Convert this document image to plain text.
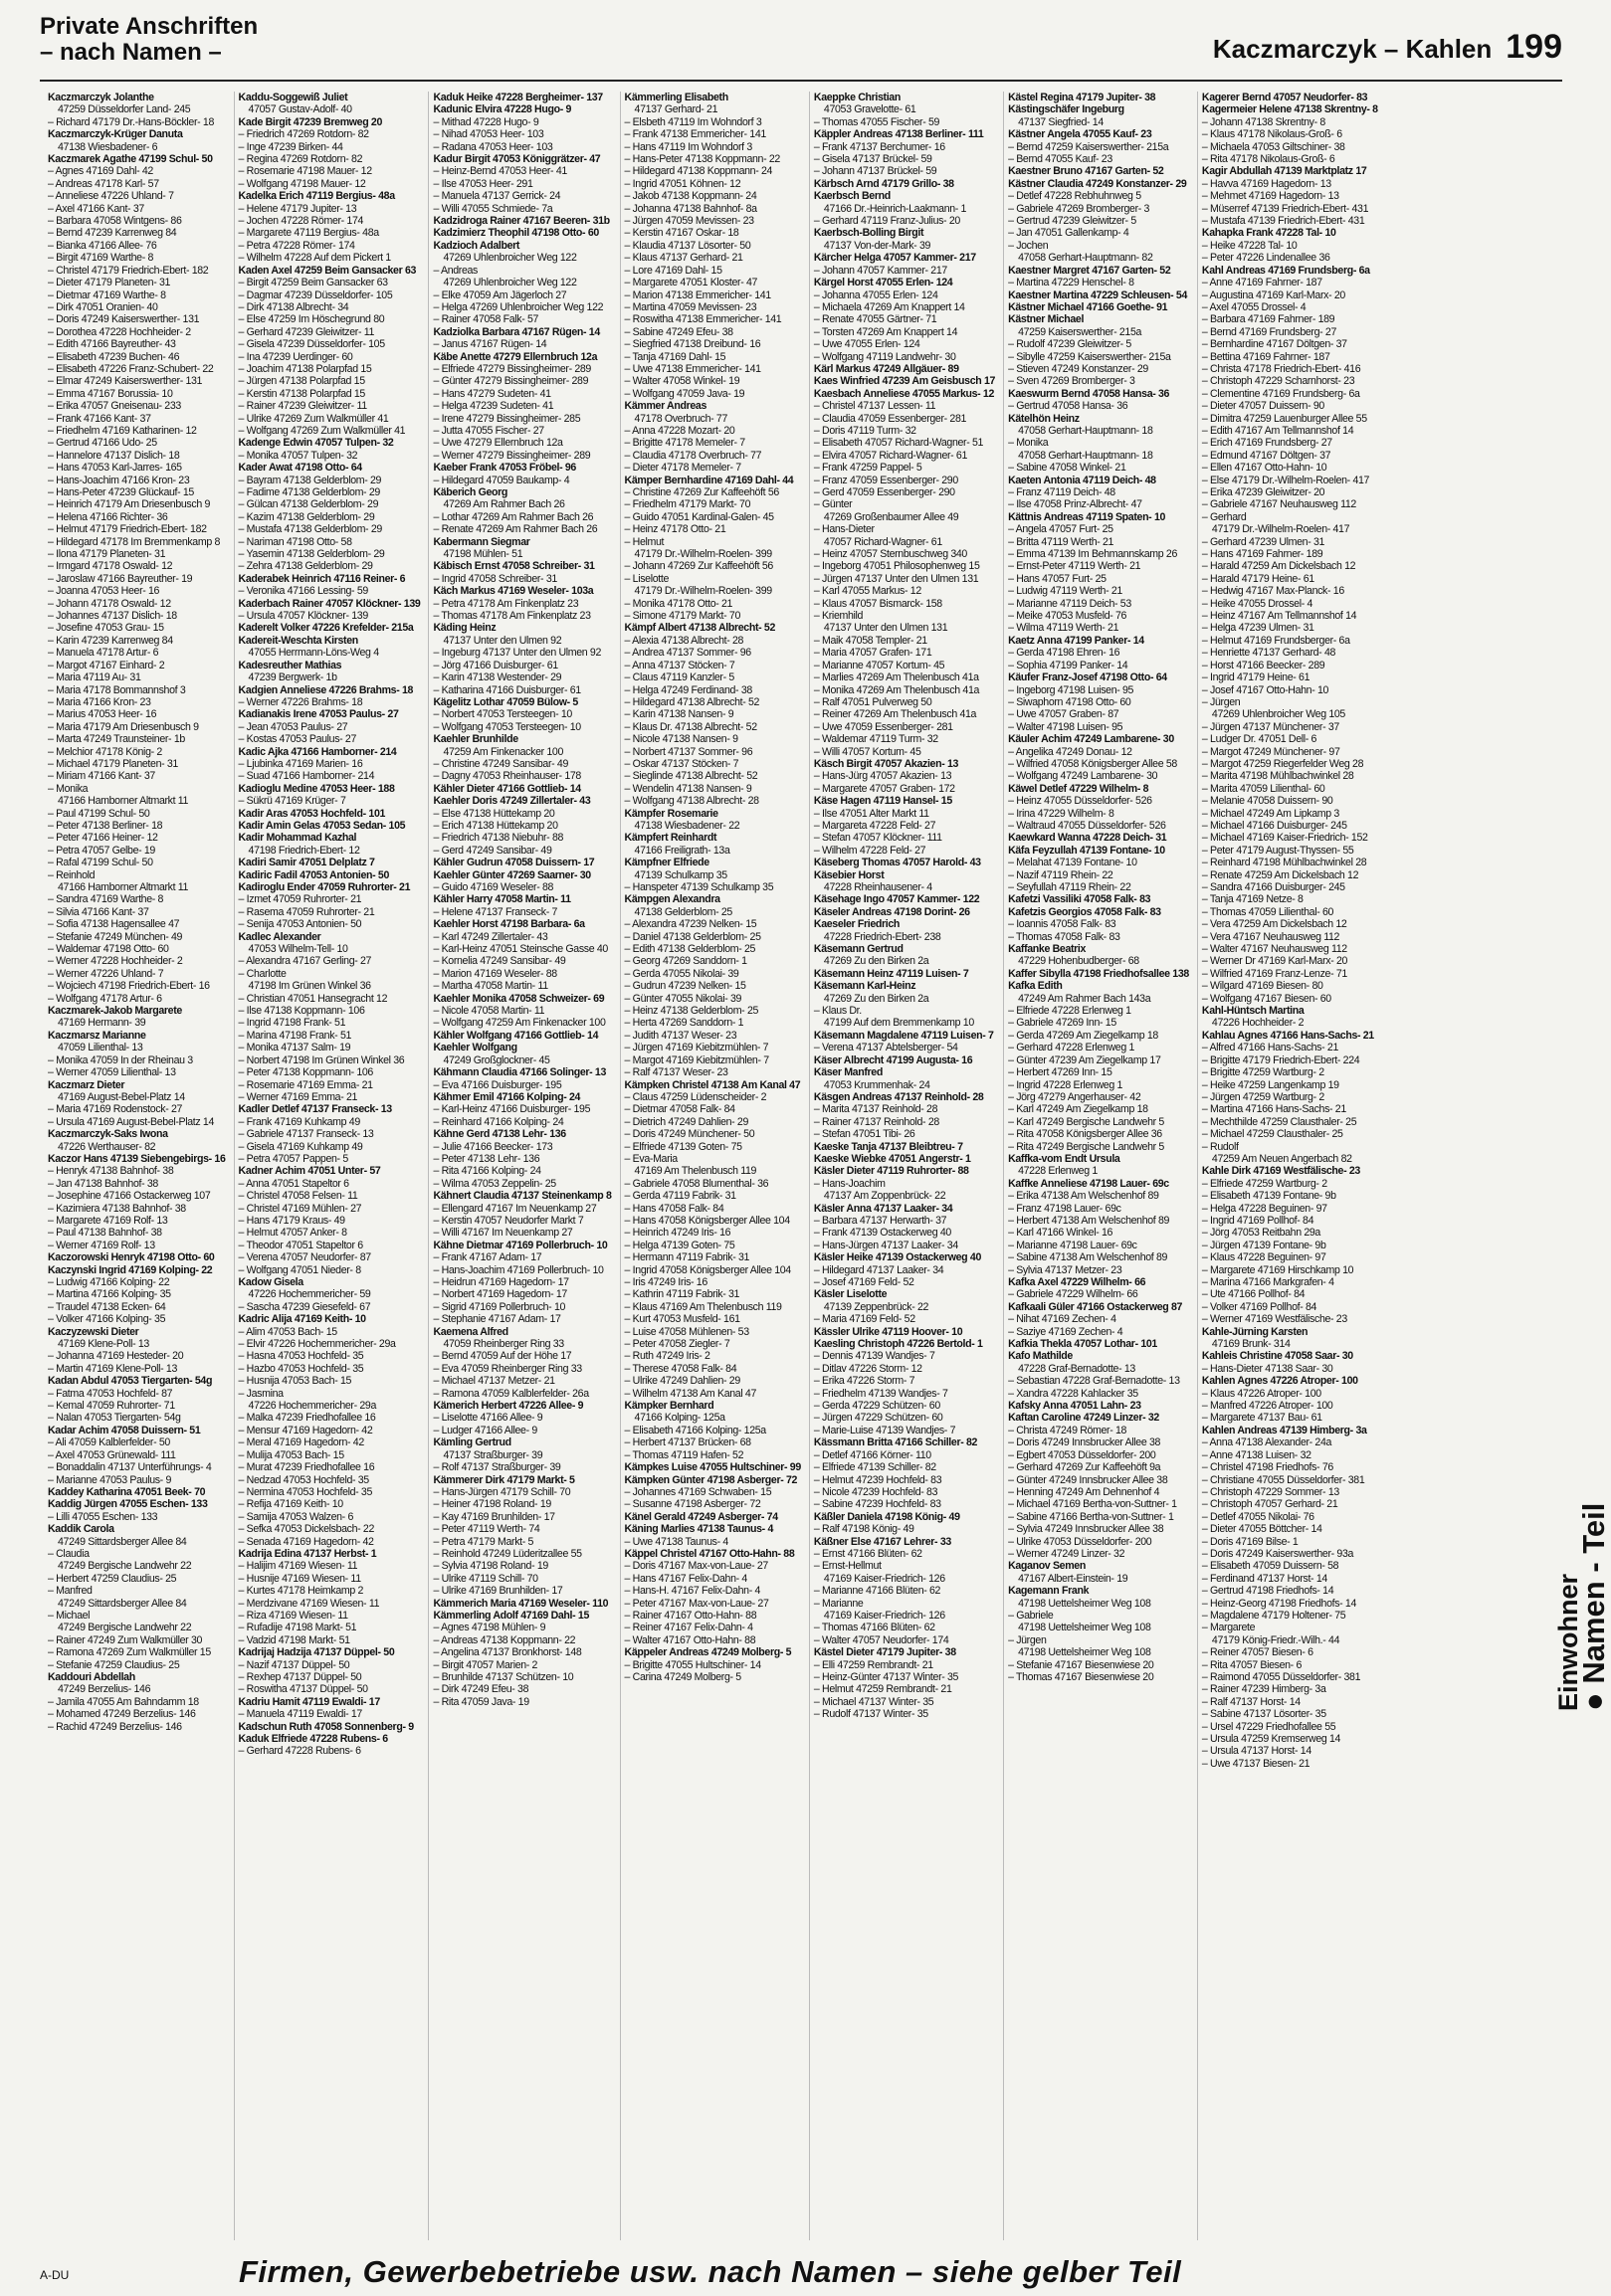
Private Anschriften
– nach Namen –	Kaczmarczyk – Kahlen 199
Kaczmarczyk Jolanthe
47259 Düsseldorfer Land- 245
– Richard 47179 Dr.-Hans-Böckler- 18
Kaczmarczyk-Krüger Danuta
47138 Wiesbadener- 6
Kaczmarek Agathe 47199 Schul- 50
– Agnes 47169 Dahl- 42
– Andreas 47178 Karl- 57
– Anneliese 47226 Uhland- 7
– Axel 47166 Kant- 37
– Barbara 47058 Wintgens- 86
– Bernd 47239 Karrenweg 84
– Bianka 47166 Allee- 76
– Birgit 47169 Warthe- 8
– Christel 47179 Friedrich-Ebert- 182
– Dieter 47179 Planeten- 31
– Dietmar 47169 Warthe- 8
– Dirk 47051 Oranien- 40
– Doris 47249 Kaiserswerther- 131
– Dorothea 47228 Hochheider- 2
– Edith 47166 Bayreuther- 43
– Elisabeth 47239 Buchen- 46
– Elisabeth 47226 Franz-Schubert- 22
– Elmar 47249 Kaiserswerther- 131
– Emma 47167 Borussia- 10
– Erika 47057 Gneisenau- 233
– Frank 47166 Kant- 37
– Friedhelm 47169 Katharinen- 12
– Gertrud 47166 Udo- 25
– Hannelore 47137 Dislich- 18
– Hans 47053 Karl-Jarres- 165
– Hans-Joachim 47166 Kron- 23
– Hans-Peter 47239 Glückauf- 15
– Heinrich 47179 Am Driesenbusch 9
– Helena 47166 Richter- 36
– Helmut 47179 Friedrich-Ebert- 182
– Hildegard 47178 Im Bremmenkamp 8
– Ilona 47179 Planeten- 31
– Irmgard 47178 Oswald- 12
– Jaroslaw 47166 Bayreuther- 19
– Joanna 47053 Heer- 16
– Johann 47178 Oswald- 12
– Johannes 47137 Dislich- 18
– Josefine 47053 Grau- 15
– Karin 47239 Karrenweg 84
– Manuela 47178 Artur- 6
– Margot 47167 Einhard- 2
– Maria 47119 Au- 31
– Maria 47178 Bommannshof 3
– Maria 47166 Kron- 23
– Marius 47053 Heer- 16
– Maria 47179 Am Driesenbusch 9
– Marta 47249 Traunsteiner- 1b
– Melchior 47178 König- 2
– Michael 47179 Planeten- 31
– Miriam 47166 Kant- 37
– Monika
47166 Hamborner Altmarkt 11
– Paul 47199 Schul- 50
– Peter 47138 Berliner- 18
– Peter 47166 Heiner- 12
– Petra 47057 Gelbe- 19
– Rafal 47199 Schul- 50
– Reinhold
47166 Hamborner Altmarkt 11
– Sandra 47169 Warthe- 8
– Silvia 47166 Kant- 37
– Sofia 47138 Hagensallee 47
– Stefanie 47249 München- 49
– Waldemar 47198 Otto- 60
– Werner 47228 Hochheider- 2
– Werner 47226 Uhland- 7
– Wojciech 47198 Friedrich-Ebert- 16
– Wolfgang 47178 Artur- 6
Kaczmarek-Jakob Margarete
47169 Hermann- 39
Kaczmarsz Marianne
47059 Lilienthal- 13
– Monika 47059 In der Rheinau 3
– Werner 47059 Lilienthal- 13
Kaczmarz Dieter
47169 August-Bebel-Platz 14
– Maria 47169 Rodenstock- 27
– Ursula 47169 August-Bebel-Platz 14
Kaczmarczyk-Saks Iwona
47226 Werthauser- 82
Kaczor Hans 47139 Siebengebirgs- 16
– Henryk 47138 Bahnhof- 38
– Jan 47138 Bahnhof- 38
– Josephine 47166 Ostackerweg 107
– Kazimiera 47138 Bahnhof- 38
– Margarete 47169 Rolf- 13
– Paul 47138 Bahnhof- 38
– Werner 47169 Rolf- 13
Kaczorowski Henryk 47198 Otto- 60
Kaczynski Ingrid 47169 Kolping- 22
– Ludwig 47166 Kolping- 22
– Martina 47166 Kolping- 35
– Traudel 47138 Ecken- 64
– Volker 47166 Kolping- 35
Kaczyzewski Dieter
47169 Klene-Poll- 13
– Johanna 47169 Hesteder- 20
– Martin 47169 Klene-Poll- 13
Kadan Abdul 47053 Tiergarten- 54g
– Fatma 47053 Hochfeld- 87
– Kemal 47059 Ruhrorter- 71
– Nalan 47053 Tiergarten- 54g
Kadar Achim 47058 Duissern- 51
– Ali 47059 Kalblerfelder- 50
– Axel 47053 Grünewald- 111
– Bonaddalin 47137 Unterführungs- 4
– Marianne 47053 Paulus- 9
Kaddey Katharina 47051 Beek- 70
Kaddig Jürgen 47055 Eschen- 133
– Lilli 47055 Eschen- 133
Kaddik Carola
47249 Sittardsberger Allee 84
– Claudia
47249 Bergische Landwehr 22
– Herbert 47259 Claudius- 25
– Manfred
47249 Sittardsberger Allee 84
– Michael
47249 Bergische Landwehr 22
– Rainer 47249 Zum Walkmüller 30
– Ramona 47269 Zum Walkmüller 15
– Stefanie 47259 Claudius- 25
Kaddouri Abdellah
47249 Berzelius- 146
– Jamila 47055 Am Bahndamm 18
– Mohamed 47249 Berzelius- 146
– Rachid 47249 Berzelius- 146
Kaddu-Soggewiß Juliet
47057 Gustav-Adolf- 40
Kade Birgit 47239 Bremweg 20
– Friedrich 47269 Rotdorn- 82
– Inge 47239 Birken- 44
– Regina 47269 Rotdorn- 82
– Rosemarie 47198 Mauer- 12
– Wolfgang 47198 Mauer- 12
Kadelka Erich 47119 Bergius- 48a
– Helene 47179 Jupiter- 13
– Jochen 47228 Römer- 174
– Margarete 47119 Bergius- 48a
– Petra 47228 Römer- 174
– Wilhelm 47228 Auf dem Pickert 1
Kaden Axel 47259 Beim Gansacker 63
– Birgit 47259 Beim Gansacker 63
– Dagmar 47239 Düsseldorfer- 105
– Dirk 47138 Albrecht- 34
– Else 47259 Im Höschegrund 80
– Gerhard 47239 Gleiwitzer- 11
– Gisela 47239 Düsseldorfer- 105
– Ina 47239 Uerdinger- 60
– Joachim 47138 Polarpfad 15
– Jürgen 47138 Polarpfad 15
– Kerstin 47138 Polarpfad 15
– Rainer 47239 Gleiwitzer- 11
– Ulrike 47269 Zum Walkmüller 41
– Wolfgang 47269 Zum Walkmüller 41
Kadenge Edwin 47057 Tulpen- 32
– Monika 47057 Tulpen- 32
Kader Awat 47198 Otto- 64
– Bayram 47138 Gelderblom- 29
– Fadime 47138 Gelderblom- 29
– Gülcan 47138 Gelderblom- 29
– Kazim 47138 Gelderblom- 29
– Mustafa 47138 Gelderblom- 29
– Nariman 47198 Otto- 58
– Yasemin 47138 Gelderblom- 29
– Zehra 47138 Gelderblom- 29
Kaderabek Heinrich 47116 Reiner- 6
– Veronika 47166 Lessing- 59
Kaderbach Rainer 47057 Klöckner- 139
– Ursula 47057 Klöckner- 139
Kaderelt Volker 47226 Krefelder- 215a
Kadereit-Weschta Kirsten
47055 Herrmann-Löns-Weg 4
Kadesreuther Mathias
47239 Bergwerk- 1b
Kadgien Anneliese 47226 Brahms- 18
– Werner 47226 Brahms- 18
Kadianakis Irene 47053 Paulus- 27
– Jean 47053 Paulus- 27
– Kostas 47053 Paulus- 27
Kadic Ajka 47166 Hamborner- 214
– Ljubinka 47169 Marien- 16
– Suad 47166 Hamborner- 214
Kadioglu Medine 47053 Heer- 188
– Sükrü 47169 Krüger- 7
Kadir Aras 47053 Hochfeld- 101
Kadir Amin Gelas 47053 Sedan- 105
Kadir Mohammad Kazhal
47198 Friedrich-Ebert- 12
Kadiri Samir 47051 Delplatz 7
Kadiric Fadil 47053 Antonien- 50
Kadiroglu Ender 47059 Ruhrorter- 21
– Izmet 47059 Ruhrorter- 21
– Rasema 47059 Ruhrorter- 21
– Senija 47053 Antonien- 50
Kadlec Alexander
47053 Wilhelm-Tell- 10
– Alexandra 47167 Gerling- 27
– Charlotte
47198 Im Grünen Winkel 36
– Christian 47051 Hansegracht 12
– Ilse 47138 Koppmann- 106
– Ingrid 47198 Frank- 51
– Marina 47198 Frank- 51
– Monika 47137 Salm- 19
– Norbert 47198 Im Grünen Winkel 36
– Peter 47138 Koppmann- 106
– Rosemarie 47169 Emma- 21
– Werner 47169 Emma- 21
Kadler Detlef 47137 Franseck- 13
– Frank 47169 Kuhkamp 49
– Gabriele 47137 Franseck- 13
– Gisela 47169 Kuhkamp 49
– Petra 47057 Pappen- 5
Kadner Achim 47051 Unter- 57
– Anna 47051 Stapeltor 6
– Christel 47058 Felsen- 11
– Christel 47169 Mühlen- 27
– Hans 47179 Kraus- 49
– Helmut 47057 Anker- 8
– Theodor 47051 Stapeltor 6
– Verena 47057 Neudorfer- 87
– Wolfgang 47051 Nieder- 8
Kadow Gisela
47226 Hochemmericher- 59
– Sascha 47239 Giesefeld- 67
Kadric Alija 47169 Keith- 10
– Alim 47053 Bach- 15
– Elvir 47226 Hochemmericher- 29a
– Hasna 47053 Hochfeld- 35
– Hazbo 47053 Hochfeld- 35
– Husnija 47053 Bach- 15
– Jasmina
47226 Hochemmericher- 29a
– Malka 47239 Friedhofallee 16
– Mensur 47169 Hagedorn- 42
– Meral 47169 Hagedorn- 42
– Mulija 47053 Bach- 15
– Murat 47239 Friedhofallee 16
– Nedzad 47053 Hochfeld- 35
– Nermina 47053 Hochfeld- 35
– Refija 47169 Keith- 10
– Samija 47053 Walzen- 6
– Sefka 47053 Dickelsbach- 22
– Senada 47169 Hagedorn- 42
Kadrija Edina 47137 Herbst- 1
– Halijim 47169 Wiesen- 11
– Husnije 47169 Wiesen- 11
– Kurtes 47178 Heimkamp 2
– Merdzivane 47169 Wiesen- 11
– Riza 47169 Wiesen- 11
– Rufadije 47198 Markt- 51
– Vadzid 47198 Markt- 51
Kadrijaj Hadzija 47137 Düppel- 50
– Nazif 47137 Düppel- 50
– Rexhep 47137 Düppel- 50
– Roswitha 47137 Düppel- 50
Kadriu Hamit 47119 Ewaldi- 17
– Manuela 47119 Ewaldi- 17
Kadschun Ruth 47058 Sonnenberg- 9
Kaduk Elfriede 47228 Rubens- 6
– Gerhard 47228 Rubens- 6
Kaduk Heike 47228 Bergheimer- 137
Kadunic Elvira 47228 Hugo- 9
– Mithad 47228 Hugo- 9
– Nihad 47053 Heer- 103
– Radana 47053 Heer- 103
Kadur Birgit 47053 Königgrätzer- 47
– Heinz-Bernd 47053 Heer- 41
– Ilse 47053 Heer- 291
– Manuela 47137 Gerrick- 24
– Willi 47055 Schmiede- 7a
Kadzidroga Rainer 47167 Beeren- 31b
Kadzimierz Theophil 47198 Otto- 60
Kadzioch Adalbert
47269 Uhlenbroicher Weg 122
– Andreas
47269 Uhlenbroicher Weg 122
– Elke 47059 Am Jägerloch 27
– Helga 47269 Uhlenbroicher Weg 122
– Rainer 47058 Falk- 57
Kadziolka Barbara 47167 Rügen- 14
– Janus 47167 Rügen- 14
Käbe Anette 47279 Ellernbruch 12a
– Elfriede 47279 Bissingheimer- 289
– Günter 47279 Bissingheimer- 289
– Hans 47279 Sudeten- 41
– Helga 47239 Sudeten- 41
– Irene 47279 Bissingheimer- 285
– Jutta 47055 Fischer- 27
– Uwe 47279 Ellernbruch 12a
– Werner 47279 Bissingheimer- 289
Kaeber Frank 47053 Fröbel- 96
– Hildegard 47059 Baukamp- 4
Käberich Georg
47269 Am Rahmer Bach 26
– Lothar 47269 Am Rahmer Bach 26
– Renate 47269 Am Rahmer Bach 26
Kabermann Siegmar
47198 Mühlen- 51
Käbisch Ernst 47058 Schreiber- 31
– Ingrid 47058 Schreiber- 31
Käch Markus 47169 Weseler- 103a
– Petra 47178 Am Finkenplatz 23
– Thomas 47178 Am Finkenplatz 23
Käding Heinz
47137 Unter den Ulmen 92
– Ingeburg 47137 Unter den Ulmen 92
– Jörg 47166 Duisburger- 61
– Karin 47138 Westender- 29
– Katharina 47166 Duisburger- 61
Kägelitz Lothar 47059 Bülow- 5
– Norbert 47053 Tersteegen- 10
– Wolfgang 47053 Tersteegen- 10
Kaehler Brunhilde
47259 Am Finkenacker 100
– Christine 47249 Sansibar- 49
– Dagny 47053 Rheinhauser- 178
Kähler Dieter 47166 Gottlieb- 14
Kaehler Doris 47249 Zillertaler- 43
– Else 47138 Hüttekamp 20
– Erich 47138 Hüttekamp 20
– Friedrich 47138 Niebuhr- 88
– Gerd 47249 Sansibar- 49
Kähler Gudrun 47058 Duissern- 17
Kaehler Günter 47269 Saarner- 30
– Guido 47169 Weseler- 88
Kähler Harry 47058 Martin- 11
– Helene 47137 Franseck- 7
Kaehler Horst 47198 Barbara- 6a
– Karl 47249 Zillertaler- 43
– Karl-Heinz 47051 Steinsche Gasse 40
– Kornelia 47249 Sansibar- 49
– Marion 47169 Weseler- 88
– Martha 47058 Martin- 11
Kaehler Monika 47058 Schweizer- 69
– Nicole 47058 Martin- 11
– Wolfgang 47259 Am Finkenacker 100
Kähler Wolfgang 47166 Gottlieb- 14
Kaehler Wolfgang
47249 Großglockner- 45
Kähmann Claudia 47166 Solinger- 13
– Eva 47166 Duisburger- 195
Kähmer Emil 47166 Kolping- 24
– Karl-Heinz 47166 Duisburger- 195
– Reinhard 47166 Kolping- 24
Kähne Gerd 47138 Lehr- 136
– Julie 47166 Beecker- 173
– Peter 47138 Lehr- 136
– Rita 47166 Kolping- 24
– Wilma 47053 Zeppelin- 25
Kähnert Claudia 47137 Steinenkamp 8
– Ellengard 47167 Im Neuenkamp 27
– Kerstin 47057 Neudorfer Markt 7
– Willi 47167 Im Neuenkamp 27
Kähne Dietmar 47169 Pollerbruch- 10
– Frank 47167 Adam- 17
– Hans-Joachim 47169 Pollerbruch- 10
– Heidrun 47169 Hagedorn- 17
– Norbert 47169 Hagedorn- 17
– Sigrid 47169 Pollerbruch- 10
– Stephanie 47167 Adam- 17
Kaemena Alfred
47059 Rheinberger Ring 33
– Bernd 47059 Auf der Höhe 17
– Eva 47059 Rheinberger Ring 33
– Michael 47137 Metzer- 21
– Ramona 47059 Kalblerfelder- 26a
Kämerich Herbert 47226 Allee- 9
– Liselotte 47166 Allee- 9
– Ludger 47166 Allee- 9
Kämling Gertrud
47137 Straßburger- 39
– Rolf 47137 Straßburger- 39
Kämmerer Dirk 47179 Markt- 5
– Hans-Jürgen 47179 Schill- 70
– Heiner 47198 Roland- 19
– Kay 47169 Brunhilden- 17
– Peter 47119 Werth- 74
– Petra 47179 Markt- 5
– Reinhold 47249 Lüderitzallee 55
– Sylvia 47198 Roland- 19
– Ulrike 47119 Schill- 70
– Ulrike 47169 Brunhilden- 17
Kämmerich Maria 47169 Weseler- 110
Kämmerling Adolf 47169 Dahl- 15
– Agnes 47198 Mühlen- 9
– Andreas 47138 Koppmann- 22
– Angelina 47137 Bronkhorst- 148
– Birgit 47057 Marien- 2
– Brunhilde 47137 Schützen- 10
– Dirk 47249 Efeu- 38
– Rita 47059 Java- 19
Kämmerling Elisabeth
47137 Gerhard- 21
– Elsbeth 47119 Im Wohndorf 3
– Frank 47138 Emmericher- 141
– Hans 47119 Im Wohndorf 3
– Hans-Peter 47138 Koppmann- 22
– Hildegard 47138 Koppmann- 24
– Ingrid 47051 Köhnen- 12
– Jakob 47138 Koppmann- 24
– Johanna 47138 Bahnhof- 8a
– Jürgen 47059 Mevissen- 23
– Kerstin 47167 Oskar- 18
– Klaudia 47137 Lösorter- 50
– Klaus 47137 Gerhard- 21
– Lore 47169 Dahl- 15
– Margarete 47051 Kloster- 47
– Marion 47138 Emmericher- 141
– Martina 47059 Mevissen- 23
– Roswitha 47138 Emmericher- 141
– Sabine 47249 Efeu- 38
– Siegfried 47138 Dreibund- 16
– Tanja 47169 Dahl- 15
– Uwe 47138 Emmericher- 141
– Walter 47058 Winkel- 19
– Wolfgang 47059 Java- 19
Kämmer Andreas
47178 Overbruch- 77
– Anna 47228 Mozart- 20
– Brigitte 47178 Memeler- 7
– Claudia 47178 Overbruch- 77
– Dieter 47178 Memeler- 7
Kämper Bernhardine 47169 Dahl- 44
– Christine 47269 Zur Kaffeehöft 56
– Friedhelm 47179 Markt- 70
– Guido 47051 Kardinal-Galen- 45
– Heinz 47178 Otto- 21
– Helmut
47179 Dr.-Wilhelm-Roelen- 399
– Johann 47269 Zur Kaffeehöft 56
– Liselotte
47179 Dr.-Wilhelm-Roelen- 399
– Monika 47178 Otto- 21
– Simone 47179 Markt- 70
Kämpf Albert 47138 Albrecht- 52
– Alexia 47138 Albrecht- 28
– Andrea 47137 Sommer- 96
– Anna 47137 Stöcken- 7
– Claus 47119 Kanzler- 5
– Helga 47249 Ferdinand- 38
– Hildegard 47138 Albrecht- 52
– Karin 47138 Nansen- 9
– Klaus Dr. 47138 Albrecht- 52
– Nicole 47138 Nansen- 9
– Norbert 47137 Sommer- 96
– Oskar 47137 Stöcken- 7
– Sieglinde 47138 Albrecht- 52
– Wendelin 47138 Nansen- 9
– Wolfgang 47138 Albrecht- 28
Kämpfer Rosemarie
47138 Wiesbadener- 22
Kämpfert Reinhardt
47166 Freiligrath- 13a
Kämpfner Elfriede
47139 Schulkamp 35
– Hanspeter 47139 Schulkamp 35
Kämpgen Alexandra
47138 Gelderblom- 25
– Alexandra 47239 Nelken- 15
– Daniel 47138 Gelderblom- 25
– Edith 47138 Gelderblom- 25
– Georg 47269 Sanddorn- 1
– Gerda 47055 Nikolai- 39
– Gudrun 47239 Nelken- 15
– Günter 47055 Nikolai- 39
– Heinz 47138 Gelderblom- 25
– Herta 47269 Sanddorn- 1
– Judith 47137 Weser- 23
– Jürgen 47169 Kiebitzmühlen- 7
– Margot 47169 Kiebitzmühlen- 7
– Ralf 47137 Weser- 23
Kämpken Christel 47138 Am Kanal 47
– Claus 47259 Lüdenscheider- 2
– Dietmar 47058 Falk- 84
– Dietrich 47249 Dahlien- 29
– Doris 47249 Münchener- 50
– Elfriede 47139 Goten- 75
– Eva-Maria
47169 Am Thelenbusch 119
– Gabriele 47058 Blumenthal- 36
– Gerda 47119 Fabrik- 31
– Hans 47058 Falk- 84
– Hans 47058 Königsberger Allee 104
– Heinrich 47249 Iris- 16
– Helga 47139 Goten- 75
– Hermann 47119 Fabrik- 31
– Ingrid 47058 Königsberger Allee 104
– Iris 47249 Iris- 16
– Kathrin 47119 Fabrik- 31
– Klaus 47169 Am Thelenbusch 119
– Kurt 47053 Musfeld- 161
– Luise 47058 Mühlenen- 53
– Peter 47058 Ziegler- 7
– Ruth 47249 Iris- 2
– Therese 47058 Falk- 84
– Ulrike 47249 Dahlien- 29
– Wilhelm 47138 Am Kanal 47
Kämpker Bernhard
47166 Kolping- 125a
– Elisabeth 47166 Kolping- 125a
– Herbert 47137 Brücken- 68
– Thomas 47119 Hafen- 52
Kämpkes Luise 47055 Hultschiner- 99
Kämpken Günter 47198 Asberger- 72
– Johannes 47169 Schwaben- 15
– Susanne 47198 Asberger- 72
Känel Gerald 47249 Asberger- 74
Käning Marlies 47138 Taunus- 4
– Uwe 47138 Taunus- 4
Käppel Christel 47167 Otto-Hahn- 88
– Doris 47167 Max-von-Laue- 27
– Hans 47167 Felix-Dahn- 4
– Hans-H. 47167 Felix-Dahn- 4
– Peter 47167 Max-von-Laue- 27
– Rainer 47167 Otto-Hahn- 88
– Reiner 47167 Felix-Dahn- 4
– Walter 47167 Otto-Hahn- 88
Käppeler Andreas 47249 Molberg- 5
– Brigitte 47055 Hultschiner- 14
– Carina 47249 Molberg- 5
Kaeppke Christian
47053 Gravelotte- 61
– Thomas 47055 Fischer- 59
Käppler Andreas 47138 Berliner- 111
– Frank 47137 Berchumer- 16
– Gisela 47137 Brückel- 59
– Johann 47137 Brückel- 59
Kärbsch Arnd 47179 Grillo- 38
Kaerbsch Bernd
47166 Dr.-Heinrich-Laakmann- 1
– Gerhard 47119 Franz-Julius- 20
Kaerbsch-Bolling Birgit
47137 Von-der-Mark- 39
Kärcher Helga 47057 Kammer- 217
– Johann 47057 Kammer- 217
Kärgel Horst 47055 Erlen- 124
– Johanna 47055 Erlen- 124
– Michaela 47269 Am Knappert 14
– Renate 47055 Gärtner- 71
– Torsten 47269 Am Knappert 14
– Uwe 47055 Erlen- 124
– Wolfgang 47119 Landwehr- 30
Kärl Markus 47249 Allgäuer- 89
Kaes Winfried 47239 Am Geisbusch 17
Kaesbach Anneliese 47055 Markus- 12
– Christel 47137 Lessen- 11
– Claudia 47059 Essenberger- 281
– Doris 47119 Turm- 32
– Elisabeth 47057 Richard-Wagner- 51
– Elvira 47057 Richard-Wagner- 61
– Frank 47259 Pappel- 5
– Franz 47059 Essenberger- 290
– Gerd 47059 Essenberger- 290
– Günter
47269 Großenbaumer Allee 49
– Hans-Dieter
47057 Richard-Wagner- 61
– Heinz 47057 Sternbuschweg 340
– Ingeborg 47051 Philosophenweg 15
– Jürgen 47137 Unter den Ulmen 131
– Karl 47055 Markus- 12
– Klaus 47057 Bismarck- 158
– Kriemhild
47137 Unter den Ulmen 131
– Maik 47058 Templer- 21
– Maria 47057 Grafen- 171
– Marianne 47057 Kortum- 45
– Marlies 47269 Am Thelenbusch 41a
– Monika 47269 Am Thelenbusch 41a
– Ralf 47051 Pulverweg 50
– Reiner 47269 Am Thelenbusch 41a
– Uwe 47059 Essenberger- 281
– Waldemar 47119 Turm- 32
– Willi 47057 Kortum- 45
Käsch Birgit 47057 Akazien- 13
– Hans-Jürg 47057 Akazien- 13
– Margarete 47057 Graben- 172
Käse Hagen 47119 Hansel- 15
– Ilse 47051 Alter Markt 11
– Margareta 47228 Feld- 27
– Stefan 47057 Klöckner- 111
– Wilhelm 47228 Feld- 27
Käseberg Thomas 47057 Harold- 43
Käsebier Horst
47228 Rheinhausener- 4
Käsehage Ingo 47057 Kammer- 122
Käseler Andreas 47198 Dorint- 26
Kaeseler Friedrich
47228 Friedrich-Ebert- 238
Käsemann Gertrud
47269 Zu den Birken 2a
Käsemann Heinz 47119 Luisen- 7
Käsemann Karl-Heinz
47269 Zu den Birken 2a
– Klaus Dr.
47199 Auf dem Bremmenkamp 10
Käsemann Magdalene 47119 Luisen- 7
– Verena 47137 Abtelsberger- 54
Käser Albrecht 47199 Augusta- 16
Käser Manfred
47053 Krummenhak- 24
Käsgen Andreas 47137 Reinhold- 28
– Marita 47137 Reinhold- 28
– Rainer 47137 Reinhold- 28
– Stefan 47051 Tibi- 26
Kaeske Tanja 47137 Bleibtreu- 7
Kaeske Wiebke 47051 Angerstr- 1
Käsler Dieter 47119 Ruhrorter- 88
– Hans-Joachim
47137 Am Zoppenbrück- 22
Käsler Anna 47137 Laaker- 34
– Barbara 47137 Herwarth- 37
– Frank 47139 Ostackerweg 40
– Hans-Jürgen 47137 Laaker- 34
Käsler Heike 47139 Ostackerweg 40
– Hildegard 47137 Laaker- 34
– Josef 47169 Feld- 52
Käsler Liselotte
47139 Zeppenbrück- 22
– Maria 47169 Feld- 52
Kässler Ulrike 47119 Hoover- 10
Kaesling Christoph 47226 Bertold- 1
– Dennis 47139 Wandjes- 7
– Ditlav 47226 Storm- 12
– Erika 47226 Storm- 7
– Friedhelm 47139 Wandjes- 7
– Gerda 47229 Schützen- 60
– Jürgen 47229 Schützen- 60
– Marie-Luise 47139 Wandjes- 7
Kässmann Britta 47166 Schiller- 82
– Detlef 47166 Körner- 110
– Elfriede 47139 Schiller- 82
– Helmut 47239 Hochfeld- 83
– Nicole 47239 Hochfeld- 83
– Sabine 47239 Hochfeld- 83
Käßler Daniela 47198 König- 49
– Ralf 47198 König- 49
Käßner Else 47167 Lehrer- 33
– Ernst 47166 Blüten- 62
– Ernst-Hellmut
47169 Kaiser-Friedrich- 126
– Marianne 47166 Blüten- 62
– Marianne
47169 Kaiser-Friedrich- 126
– Thomas 47166 Blüten- 62
– Walter 47057 Neudorfer- 174
Kästel Dieter 47179 Jupiter- 38
– Elli 47259 Rembrandt- 21
– Heinz-Günter 47137 Winter- 35
– Helmut 47259 Rembrandt- 21
– Michael 47137 Winter- 35
– Rudolf 47137 Winter- 35
Kästel Regina 47179 Jupiter- 38
Kästingschäfer Ingeburg
47137 Siegfried- 14
Kästner Angela 47055 Kauf- 23
– Bernd 47259 Kaiserswerther- 215a
– Bernd 47055 Kauf- 23
Kaestner Bruno 47167 Garten- 52
Kästner Claudia 47249 Konstanzer- 29
– Detlef 47228 Rebhuhnweg 5
– Gabriele 47269 Bromberger- 3
– Gertrud 47239 Gleiwitzer- 5
– Jan 47051 Gallenkamp- 4
– Jochen
47058 Gerhart-Hauptmann- 82
Kaestner Margret 47167 Garten- 52
– Martina 47229 Henschel- 8
Kaestner Martina 47229 Schleusen- 54
Kästner Michael 47166 Goethe- 91
Kästner Michael
47259 Kaiserswerther- 215a
– Rudolf 47239 Gleiwitzer- 5
– Sibylle 47259 Kaiserswerther- 215a
– Stieven 47249 Konstanzer- 29
– Sven 47269 Bromberger- 3
Kaeswurm Bernd 47058 Hansa- 36
– Gertrud 47058 Hansa- 36
Kätelhön Heinz
47058 Gerhart-Hauptmann- 18
– Monika
47058 Gerhart-Hauptmann- 18
– Sabine 47058 Winkel- 21
Kaeten Antonia 47119 Deich- 48
– Franz 47119 Deich- 48
– Ilse 47058 Prinz-Albrecht- 47
Kättnis Andreas 47119 Spaten- 10
– Angela 47057 Furt- 25
– Britta 47119 Werth- 21
– Emma 47139 Im Behmannskamp 26
– Ernst-Peter 47119 Werth- 21
– Hans 47057 Furt- 25
– Ludwig 47119 Werth- 21
– Marianne 47119 Deich- 53
– Meike 47053 Musfeld- 76
– Wilma 47119 Werth- 21
Kaetz Anna 47199 Panker- 14
– Gerda 47198 Ehren- 16
– Sophia 47199 Panker- 14
Käufer Franz-Josef 47198 Otto- 64
– Ingeborg 47198 Luisen- 95
– Siwaphorn 47198 Otto- 60
– Uwe 47057 Graben- 87
– Walter 47198 Luisen- 95
Käuler Achim 47249 Lambarene- 30
– Angelika 47249 Donau- 12
– Wilfried 47058 Königsberger Allee 58
– Wolfgang 47249 Lambarene- 30
Käwel Detlef 47229 Wilhelm- 8
– Heinz 47055 Düsseldorfer- 526
– Irina 47229 Wilhelm- 8
– Waltraud 47055 Düsseldorfer- 526
Kaewkard Wanna 47228 Deich- 31
Käfa Feyzullah 47139 Fontane- 10
– Melahat 47139 Fontane- 10
– Nazif 47119 Rhein- 22
– Seyfullah 47119 Rhein- 22
Kafetzi Vassiliki 47058 Falk- 83
Kafetzis Georgios 47058 Falk- 83
– Ioannis 47058 Falk- 83
– Thomas 47058 Falk- 83
Kaffanke Beatrix
47229 Hohenbudberger- 68
Kaffer Sibylla 47198 Friedhofsallee 138
Kafka Edith
47249 Am Rahmer Bach 143a
– Elfriede 47228 Erlenweg 1
– Gabriele 47269 Inn- 15
– Gerda 47269 Am Ziegelkamp 18
– Gerhard 47228 Erlenweg 1
– Günter 47239 Am Ziegelkamp 17
– Herbert 47269 Inn- 15
– Ingrid 47228 Erlenweg 1
– Jörg 47279 Angerhauser- 42
– Karl 47249 Am Ziegelkamp 18
– Karl 47249 Bergische Landwehr 5
– Rita 47058 Königsberger Allee 36
– Rita 47249 Bergische Landwehr 5
Kaffka-vom Endt Ursula
47228 Erlenweg 1
Kaffke Anneliese 47198 Lauer- 69c
– Erika 47138 Am Welschenhof 89
– Franz 47198 Lauer- 69c
– Herbert 47138 Am Welschenhof 89
– Karl 47166 Winkel- 16
– Marianne 47198 Lauer- 69c
– Sabine 47138 Am Welschenhof 89
– Sylvia 47137 Metzer- 23
Kafka Axel 47229 Wilhelm- 66
– Gabriele 47229 Wilhelm- 66
Kafkaali Güler 47166 Ostackerweg 87
– Nihat 47169 Zechen- 4
– Saziye 47169 Zechen- 4
Kafkia Thekla 47057 Lothar- 101
Kafo Mathilde
47228 Graf-Bernadotte- 13
– Sebastian 47228 Graf-Bernadotte- 13
– Xandra 47228 Kahlacker 35
Kafsky Anna 47051 Lahn- 23
Kaftan Caroline 47249 Linzer- 32
– Christa 47249 Römer- 18
– Doris 47249 Innsbrucker Allee 38
– Egbert 47053 Düsseldorfer- 200
– Gerhard 47269 Zur Kaffeehöft 9a
– Günter 47249 Innsbrucker Allee 38
– Henning 47249 Am Dehnenhof 4
– Michael 47169 Bertha-von-Suttner- 1
– Sabine 47166 Bertha-von-Suttner- 1
– Sylvia 47249 Innsbrucker Allee 38
– Ulrike 47053 Düsseldorfer- 200
– Werner 47249 Linzer- 32
Kaganov Semen
47167 Albert-Einstein- 19
Kagemann Frank
47198 Uettelsheimer Weg 108
– Gabriele
47198 Uettelsheimer Weg 108
– Jürgen
47198 Uettelsheimer Weg 108
– Stefanie 47167 Biesenwiese 20
– Thomas 47167 Biesenwiese 20
Kagerer Bernd 47057 Neudorfer- 83
Kagermeier Helene 47138 Skrentny- 8
– Johann 47138 Skrentny- 8
– Klaus 47178 Nikolaus-Groß- 6
– Michaela 47053 Giltschiner- 38
– Rita 47178 Nikolaus-Groß- 6
Kagir Abdullah 47139 Marktplatz 17
– Havva 47169 Hagedorn- 13
– Mehmet 47169 Hagedorn- 13
– Müserref 47139 Friedrich-Ebert- 431
– Mustafa 47139 Friedrich-Ebert- 431
Kahapka Frank 47228 Tal- 10
– Heike 47228 Tal- 10
– Peter 47226 Lindenallee 36
Kahl Andreas 47169 Frundsberg- 6a
– Anne 47169 Fahrner- 187
– Augustina 47169 Karl-Marx- 20
– Axel 47055 Drossel- 4
– Barbara 47169 Fahrner- 189
– Bernd 47169 Frundsberg- 27
– Bernhardine 47167 Döltgen- 37
– Bettina 47169 Fahrner- 187
– Christa 47178 Friedrich-Ebert- 416
– Christoph 47229 Scharnhorst- 23
– Clementine 47169 Frundsberg- 6a
– Dieter 47057 Duissern- 90
– Dimitra 47259 Lauenburger Allee 55
– Edith 47167 Am Tellmannshof 14
– Erich 47169 Frundsberg- 27
– Edmund 47167 Döltgen- 37
– Ellen 47167 Otto-Hahn- 10
– Else 47179 Dr.-Wilhelm-Roelen- 417
– Erika 47239 Gleiwitzer- 20
– Gabriele 47167 Neuhausweg 112
– Gerhard
47179 Dr.-Wilhelm-Roelen- 417
– Gerhard 47239 Ulmen- 31
– Hans 47169 Fahrner- 189
– Harald 47259 Am Dickelsbach 12
– Harald 47179 Heine- 61
– Hedwig 47167 Max-Planck- 16
– Heike 47055 Drossel- 4
– Heinz 47167 Am Tellmannshof 14
– Helga 47239 Ulmen- 31
– Helmut 47169 Frundsberger- 6a
– Henriette 47137 Gerhard- 48
– Horst 47166 Beecker- 289
– Ingrid 47179 Heine- 61
– Josef 47167 Otto-Hahn- 10
– Jürgen
47269 Uhlenbroicher Weg 105
– Jürgen 47137 Münchener- 37
– Ludger Dr. 47051 Dell- 6
– Margot 47249 Münchener- 97
– Margot 47259 Riegerfelder Weg 28
– Marita 47198 Mühlbachwinkel 28
– Marita 47059 Lilienthal- 60
– Melanie 47058 Duissern- 90
– Michael 47249 Am Lipkamp 3
– Michael 47166 Duisburger- 245
– Michael 47169 Kaiser-Friedrich- 152
– Peter 47179 August-Thyssen- 55
– Reinhard 47198 Mühlbachwinkel 28
– Renate 47259 Am Dickelsbach 12
– Sandra 47166 Duisburger- 245
– Tanja 47169 Netze- 8
– Thomas 47059 Lilienthal- 60
– Vera 47259 Am Dickelsbach 12
– Vera 47167 Neuhausweg 112
– Walter 47167 Neuhausweg 112
– Werner Dr 47169 Karl-Marx- 20
– Wilfried 47169 Franz-Lenze- 71
– Wilgard 47169 Biesen- 80
– Wolfgang 47167 Biesen- 60
Kahl-Hüntsch Martina
47226 Hochheider- 2
Kahlau Agnes 47166 Hans-Sachs- 21
– Alfred 47166 Hans-Sachs- 21
– Brigitte 47179 Friedrich-Ebert- 224
– Brigitte 47259 Wartburg- 2
– Heike 47259 Langenkamp 19
– Jürgen 47259 Wartburg- 2
– Martina 47166 Hans-Sachs- 21
– Mechthilde 47259 Clausthaler- 25
– Michael 47259 Clausthaler- 25
– Rudolf
47259 Am Neuen Angerbach 82
Kahle Dirk 47169 Westfälische- 23
– Elfriede 47259 Wartburg- 2
– Elisabeth 47139 Fontane- 9b
– Helga 47228 Beguinen- 97
– Ingrid 47169 Pollhof- 84
– Jörg 47053 Reitbahn 29a
– Jürgen 47139 Fontane- 9b
– Klaus 47228 Beguinen- 97
– Margarete 47169 Hirschkamp 10
– Marina 47166 Markgrafen- 4
– Ute 47166 Pollhof- 84
– Volker 47169 Pollhof- 84
– Werner 47169 Westfälische- 23
Kahle-Jürning Karsten
47169 Brunk- 314
Kahleis Christine 47058 Saar- 30
– Hans-Dieter 47138 Saar- 30
Kahlen Agnes 47226 Atroper- 100
– Klaus 47226 Atroper- 100
– Manfred 47226 Atroper- 100
– Margarete 47137 Bau- 61
Kahlen Andreas 47139 Himberg- 3a
– Anna 47138 Alexander- 24a
– Anne 47138 Luisen- 32
– Christel 47198 Friedhofs- 76
– Christiane 47055 Düsseldorfer- 381
– Christoph 47229 Sommer- 13
– Christoph 47057 Gerhard- 21
– Detlef 47055 Nikolai- 76
– Dieter 47055 Böttcher- 14
– Doris 47169 Bilse- 1
– Doris 47249 Kaiserswerther- 93a
– Elisabeth 47059 Duissern- 58
– Ferdinand 47137 Horst- 14
– Gertrud 47198 Friedhofs- 14
– Heinz-Georg 47198 Friedhofs- 14
– Magdalene 47179 Holtener- 75
– Margarete
47179 König-Friedr.-Wilh.- 44
– Reiner 47057 Biesen- 6
– Rita 47057 Biesen- 6
– Raimond 47055 Düsseldorfer- 381
– Rainer 47239 Himberg- 3a
– Ralf 47137 Horst- 14
– Sabine 47137 Lösorter- 35
– Ursel 47229 Friedhofallee 55
– Ursula 47259 Kremserweg 14
– Ursula 47137 Horst- 14
– Uwe 47137 Biesen- 21
Einwohner
● Namen - Teil
A-DU	Firmen, Gewerbebetriebe usw. nach Namen – siehe gelber Teil
